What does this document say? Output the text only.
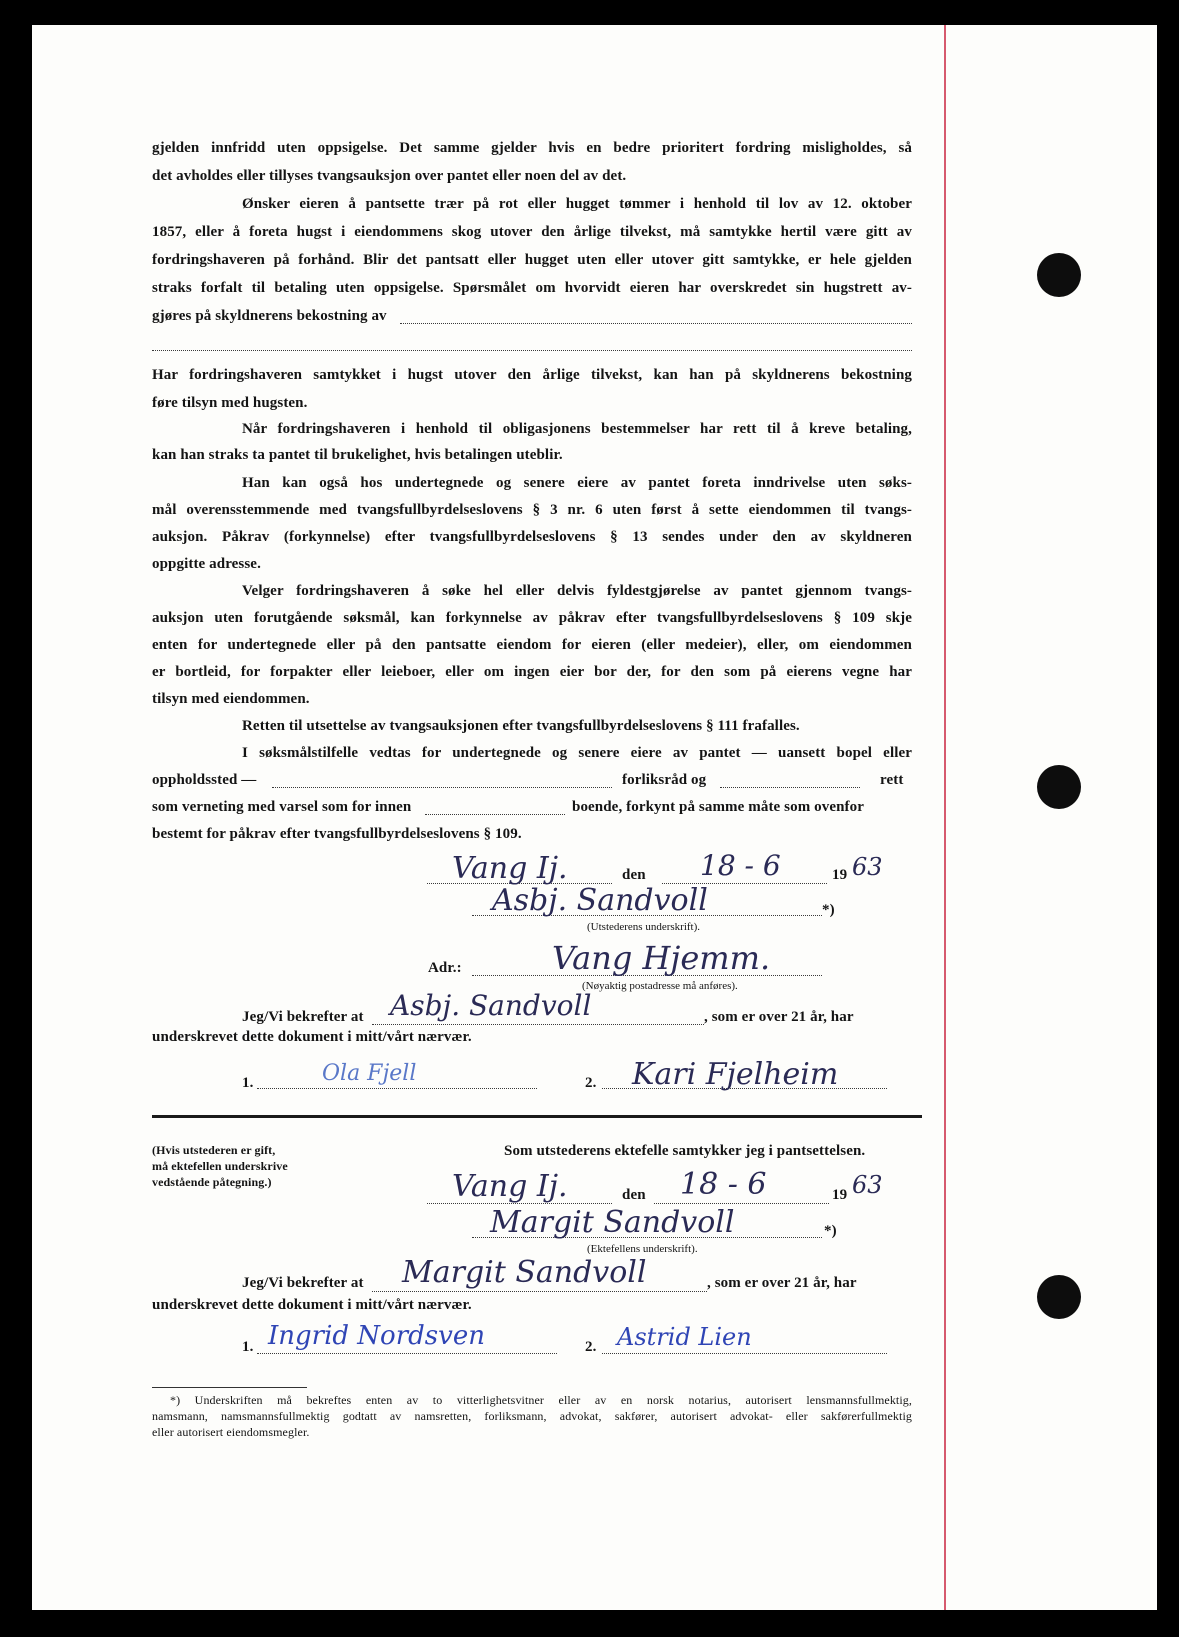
gjelden innfridd uten oppsigelse. Det samme gjelder hvis en bedre prioritert fordring misligholdes, så
det avholdes eller tillyses tvangsauksjon over pantet eller noen del av det.
Ønsker eieren å pantsette trær på rot eller hugget tømmer i henhold til lov av 12. oktober
1857, eller å foreta hugst i eiendommens skog utover den årlige tilvekst, må samtykke hertil være gitt av
fordringshaveren på forhånd. Blir det pantsatt eller hugget uten eller utover gitt samtykke, er hele gjelden
straks forfalt til betaling uten oppsigelse. Spørsmålet om hvorvidt eieren har overskredet sin hugstrett av-
gjøres på skyldnerens bekostning av
Har fordringshaveren samtykket i hugst utover den årlige tilvekst, kan han på skyldnerens bekostning
føre tilsyn med hugsten.
Når fordringshaveren i henhold til obligasjonens bestemmelser har rett til å kreve betaling,
kan han straks ta pantet til brukelighet, hvis betalingen uteblir.
Han kan også hos undertegnede og senere eiere av pantet foreta inndrivelse uten søks-
mål overensstemmende med tvangsfullbyrdelseslovens § 3 nr. 6 uten først å sette eiendommen til tvangs-
auksjon. Påkrav (forkynnelse) efter tvangsfullbyrdelseslovens § 13 sendes under den av skyldneren
oppgitte adresse.
Velger fordringshaveren å søke hel eller delvis fyldestgjørelse av pantet gjennom tvangs-
auksjon uten forutgående søksmål, kan forkynnelse av påkrav efter tvangsfullbyrdelseslovens § 109 skje
enten for undertegnede eller på den pantsatte eiendom for eieren (eller medeier), eller, om eiendommen
er bortleid, for forpakter eller leieboer, eller om ingen eier bor der, for den som på eierens vegne har
tilsyn med eiendommen.
Retten til utsettelse av tvangsauksjonen efter tvangsfullbyrdelseslovens § 111 frafalles.
I søksmålstilfelle vedtas for undertegnede og senere eiere av pantet — uansett bopel eller
oppholdssted —	forliksråd og	rett
som verneting med varsel som for innen	boende, forkynt på samme måte som ovenfor
bestemt for påkrav efter tvangsfullbyrdelseslovens § 109.
Vang Ij.	den 18 - 6	19 63
Asbj. Sandvoll	*)
(Utstederens underskrift).
Adr.:	Vang Hjemm.
(Nøyaktig postadresse må anføres).
Jeg/Vi bekrefter at Asbj. Sandvoll	, som er over 21 år, har
underskrevet dette dokument i mitt/vårt nærvær.
1.	Ola Fjell	2. Kari Fjelheim
(Hvis utstederen er gift,
må ektefellen underskrive
vedstående påtegning.)
Som utstederens ektefelle samtykker jeg i pantsettelsen.
Vang Ij.	den 18 - 6	19 63
Margit Sandvoll	*)
(Ektefellens underskrift).
Jeg/Vi bekrefter at Margit Sandvoll	, som er over 21 år, har
underskrevet dette dokument i mitt/vårt nærvær.
1. Ingrid Nordsven	2. Astrid Lien
*) Underskriften må bekreftes enten av to vitterlighetsvitner eller av en norsk notarius, autorisert lensmannsfullmektig,
namsmann, namsmannsfullmektig godtatt av namsretten, forliksmann, advokat, sakfører, autorisert advokat- eller sakførerfullmektig
eller autorisert eiendomsmegler.
